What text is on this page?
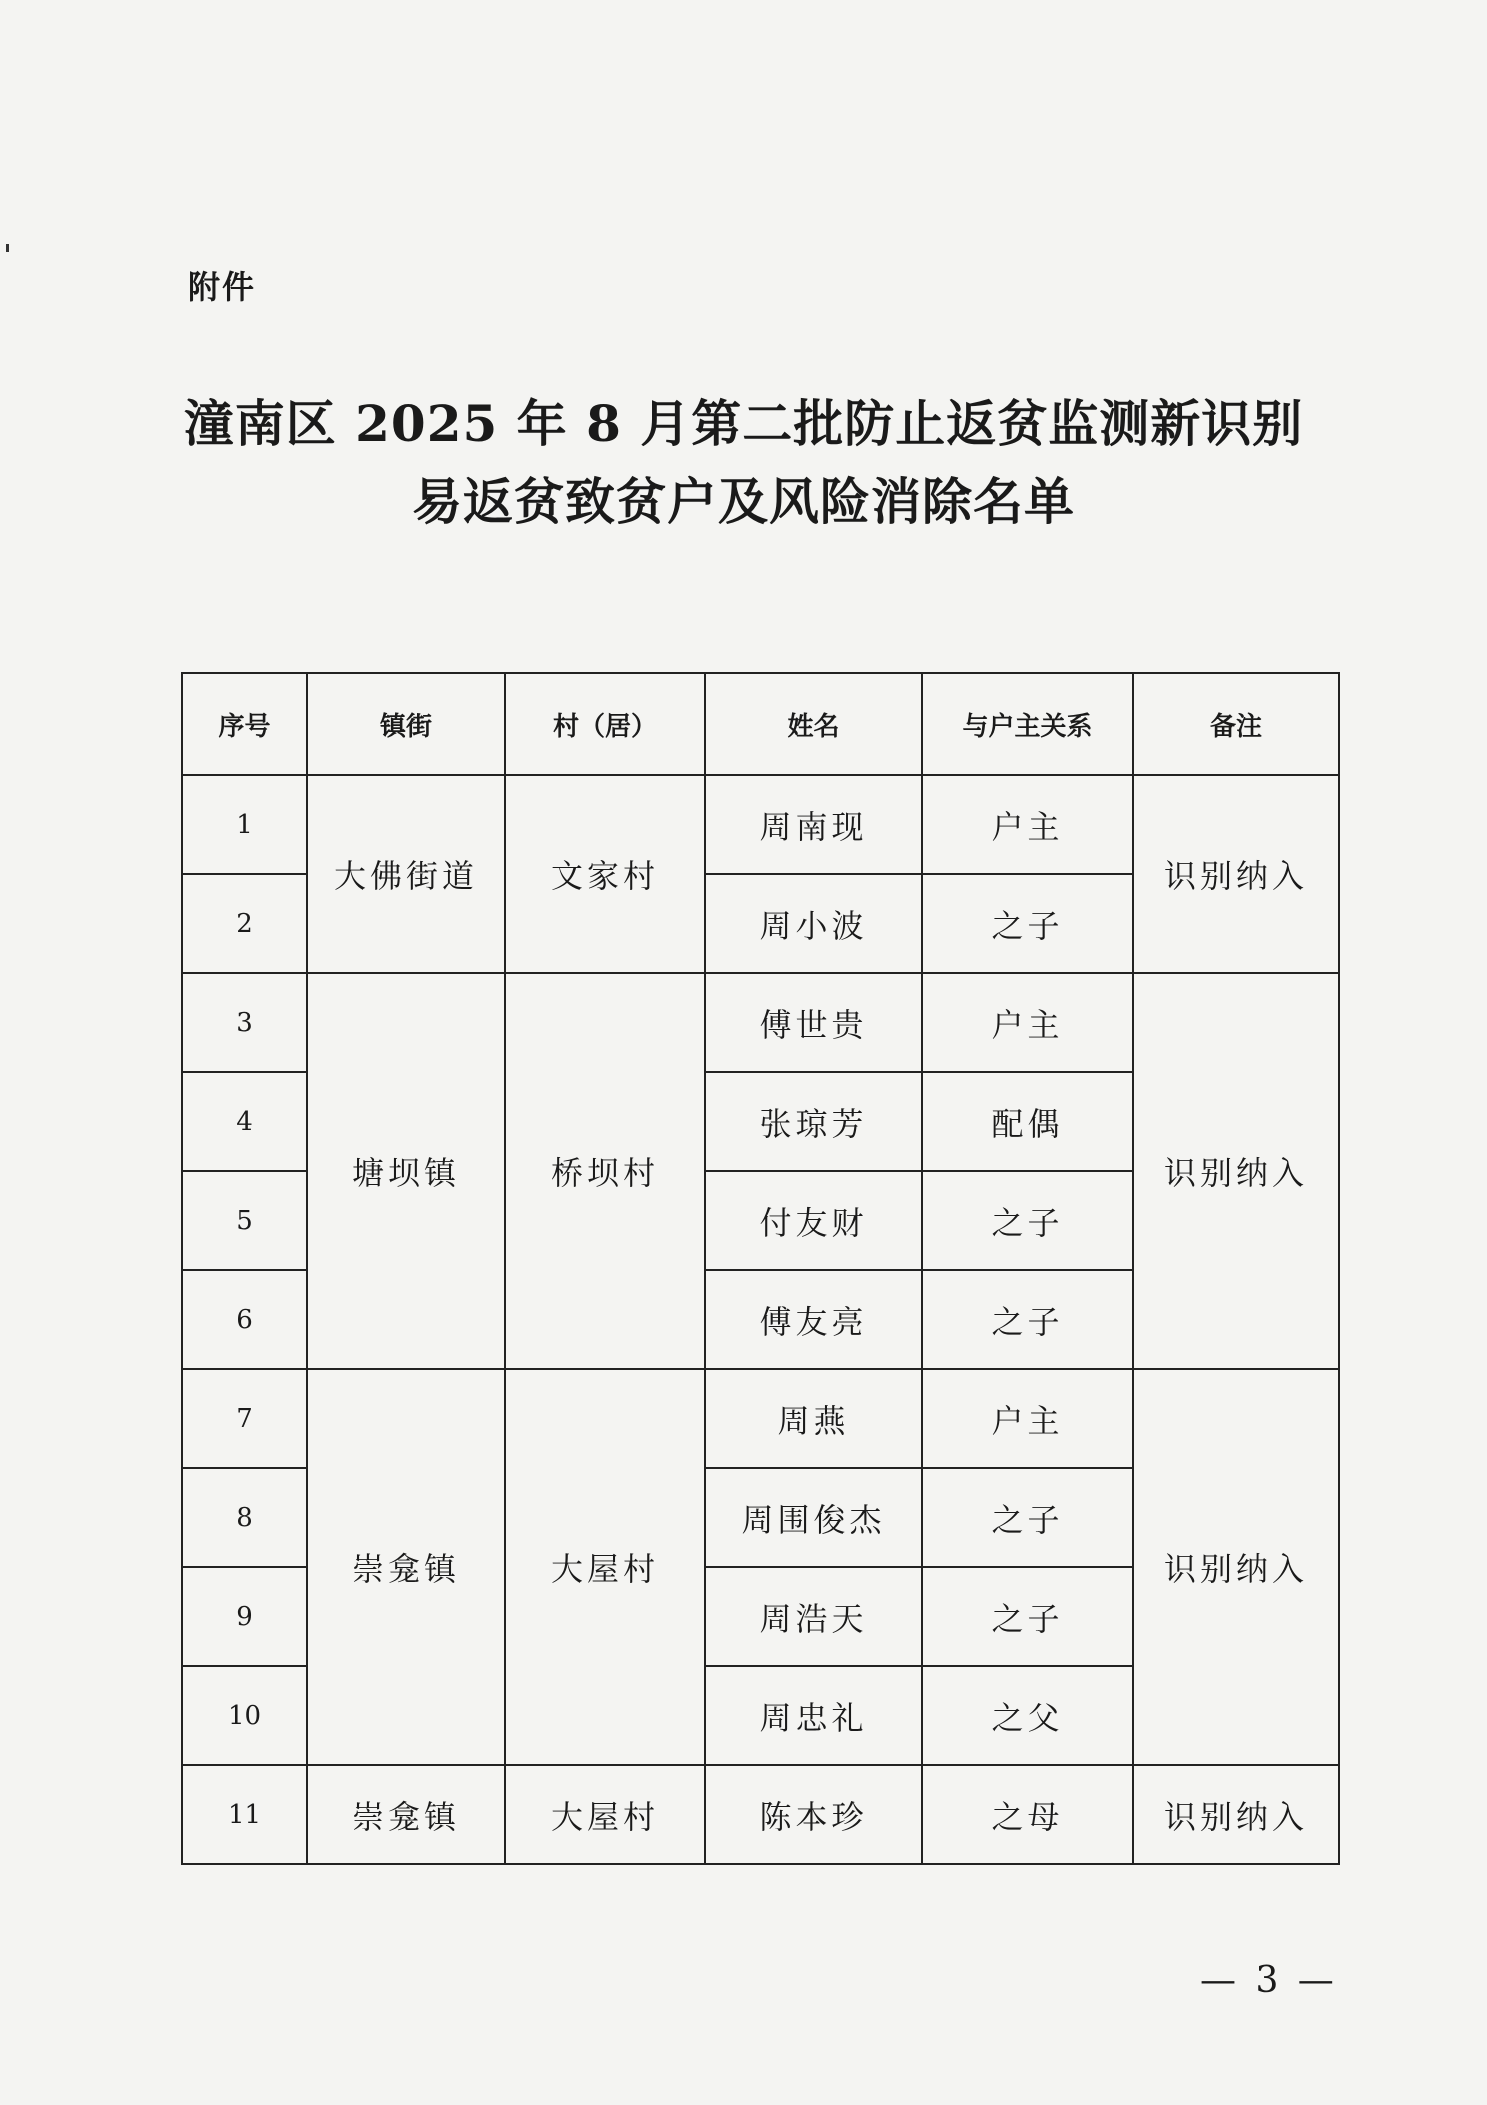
附件
潼南区 2025 年 8 月第二批防止返贫监测新识别
易返贫致贫户及风险消除名单
序号	镇街	村（居）	姓名	与户主关系	备注
1	大佛街道	文家村	周南现	户主	识别纳入
2			周小波	之子	
3	塘坝镇	桥坝村	傅世贵	户主	识别纳入
4			张琼芳	配偶	
5			付友财	之子	
6			傅友亮	之子	
7	崇龛镇	大屋村	周燕	户主	识别纳入
8			周围俊杰	之子	
9			周浩天	之子	
10			周忠礼	之父	
11	崇龛镇	大屋村	陈本珍	之母	识别纳入
— 3 —
